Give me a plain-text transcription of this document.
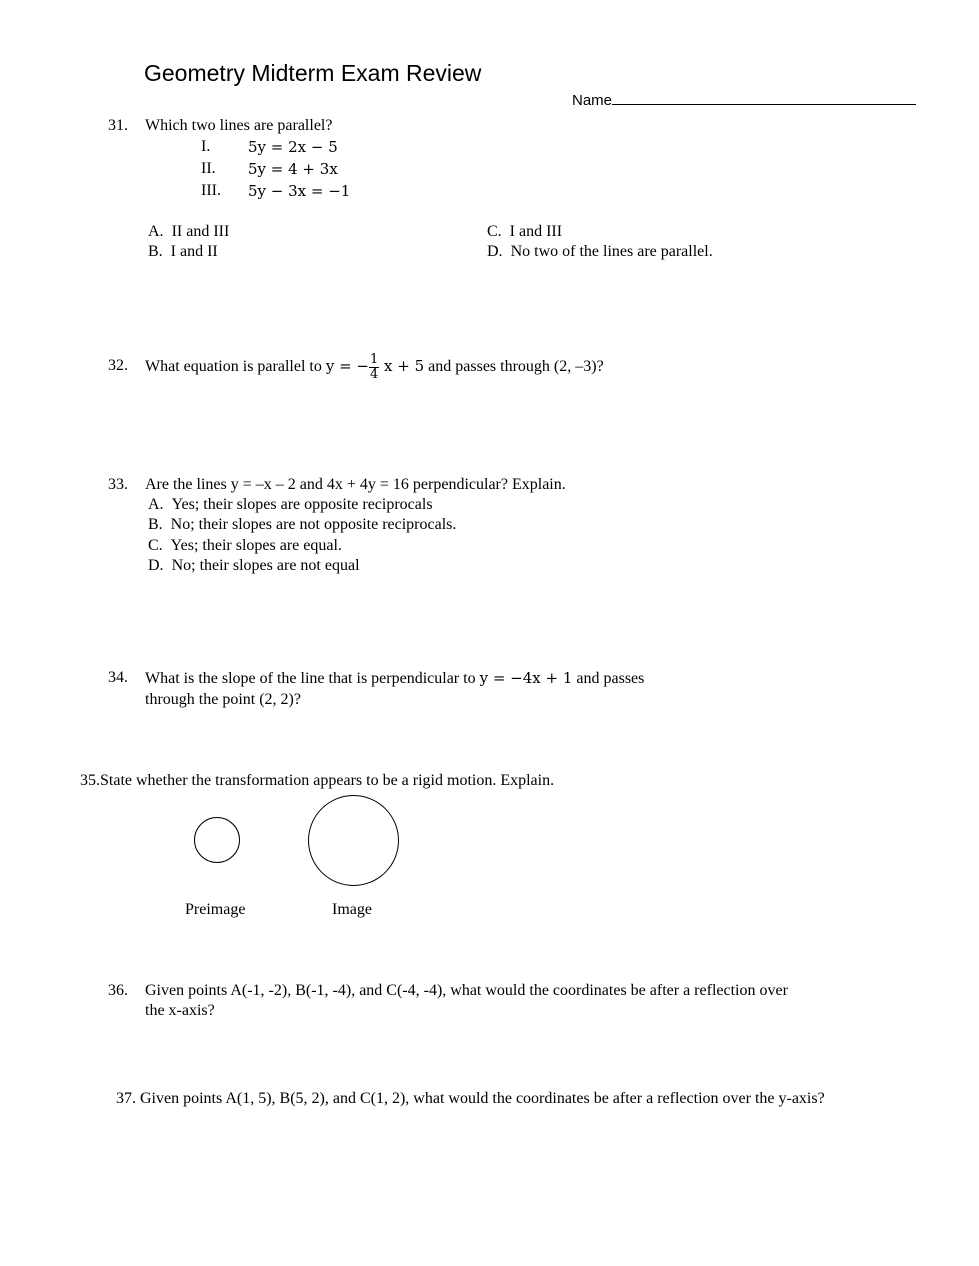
Geometry Midterm Exam Review
Name
31. Which two lines are parallel?
I.	5y = 2x − 5
II. 5y = 4 + 3x
III. 5y − 3x = −1
A. II and III
B. I and II
C. I and III
D. No two of the lines are parallel.
32. What equation is parallel to y = − $\frac{1}{4}$ x + 5 and passes through (2, –3)?
33. Are the lines y = –x – 2 and 4x + 4y = 16 perpendicular? Explain.
A. Yes; their slopes are opposite reciprocals
B. No; their slopes are not opposite reciprocals.
C. Yes; their slopes are equal.
D. No; their slopes are not equal
34. What is the slope of the line that is perpendicular to y = −4x + 1 and passes
through the point (2, 2)?
35.State whether the transformation appears to be a rigid motion. Explain.
Preimage	Image
36. Given points A(-1, -2), B(-1, -4), and C(-4, -4), what would the coordinates be after a reflection over
the x-axis?
37. Given points A(1, 5), B(5, 2), and C(1, 2), what would the coordinates be after a reflection over the y-axis?
